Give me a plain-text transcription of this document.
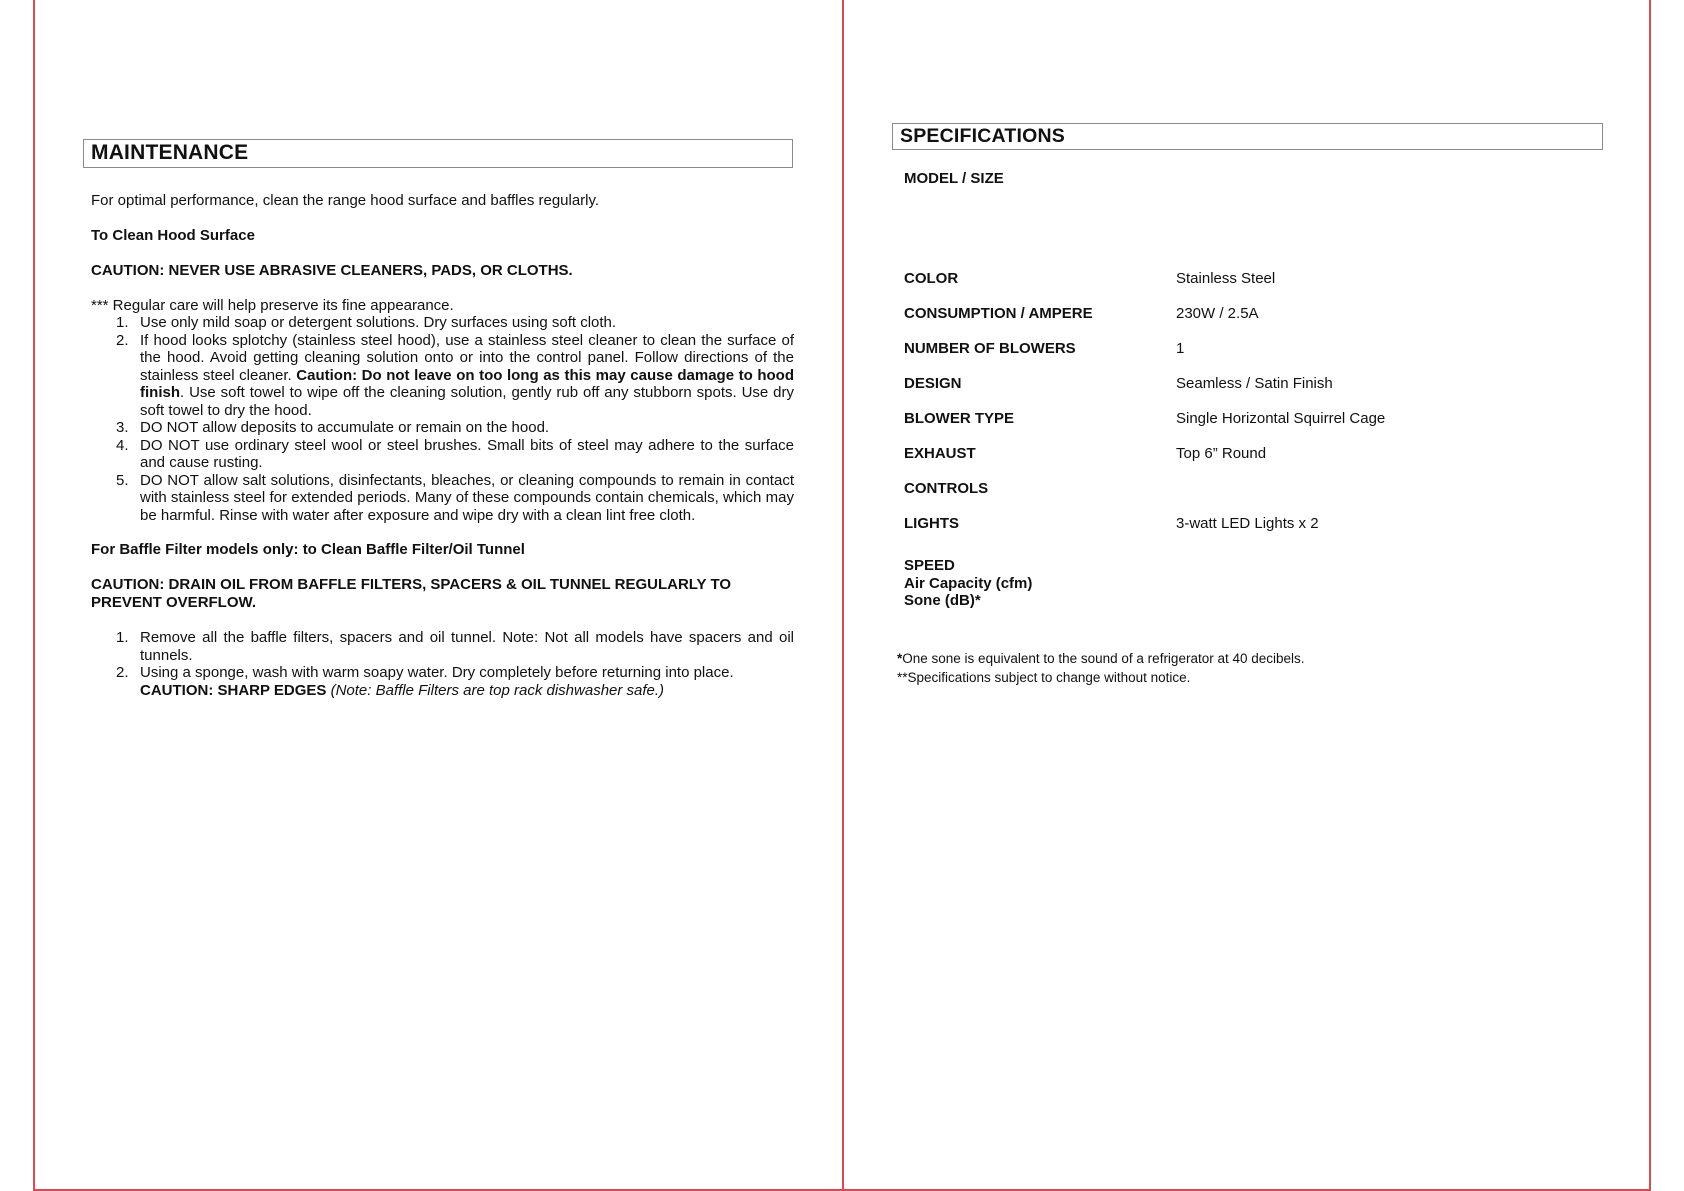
MAINTENANCE
For optimal performance, clean the range hood surface and baffles regularly.
To Clean Hood Surface
CAUTION: NEVER USE ABRASIVE CLEANERS, PADS, OR CLOTHS.
*** Regular care will help preserve its fine appearance.
1. Use only mild soap or detergent solutions. Dry surfaces using soft cloth.
2. If hood looks splotchy (stainless steel hood), use a stainless steel cleaner to clean the surface of the hood. Avoid getting cleaning solution onto or into the control panel. Follow directions of the stainless steel cleaner. Caution: Do not leave on too long as this may cause damage to hood finish. Use soft towel to wipe off the cleaning solution, gently rub off any stubborn spots. Use dry soft towel to dry the hood.
3. DO NOT allow deposits to accumulate or remain on the hood.
4. DO NOT use ordinary steel wool or steel brushes. Small bits of steel may adhere to the surface and cause rusting.
5. DO NOT allow salt solutions, disinfectants, bleaches, or cleaning compounds to remain in contact with stainless steel for extended periods. Many of these compounds contain chemicals, which may be harmful. Rinse with water after exposure and wipe dry with a clean lint free cloth.
For Baffle Filter models only: to Clean Baffle Filter/Oil Tunnel
CAUTION: DRAIN OIL FROM BAFFLE FILTERS, SPACERS & OIL TUNNEL REGULARLY TO
PREVENT OVERFLOW.
1. Remove all the baffle filters, spacers and oil tunnel. Note: Not all models have spacers and oil tunnels.
2. Using a sponge, wash with warm soapy water. Dry completely before returning into place.
CAUTION: SHARP EDGES (Note: Baffle Filters are top rack dishwasher safe.)
SPECIFICATIONS
MODEL / SIZE
COLOR	Stainless Steel
CONSUMPTION / AMPERE	230W / 2.5A
NUMBER OF BLOWERS	1
DESIGN	Seamless / Satin Finish
BLOWER TYPE	Single Horizontal Squirrel Cage
EXHAUST	Top 6” Round
CONTROLS
LIGHTS	3-watt LED Lights x 2
SPEED
Air Capacity (cfm)
Sone (dB)*
*One sone is equivalent to the sound of a refrigerator at 40 decibels.
**Specifications subject to change without notice.
